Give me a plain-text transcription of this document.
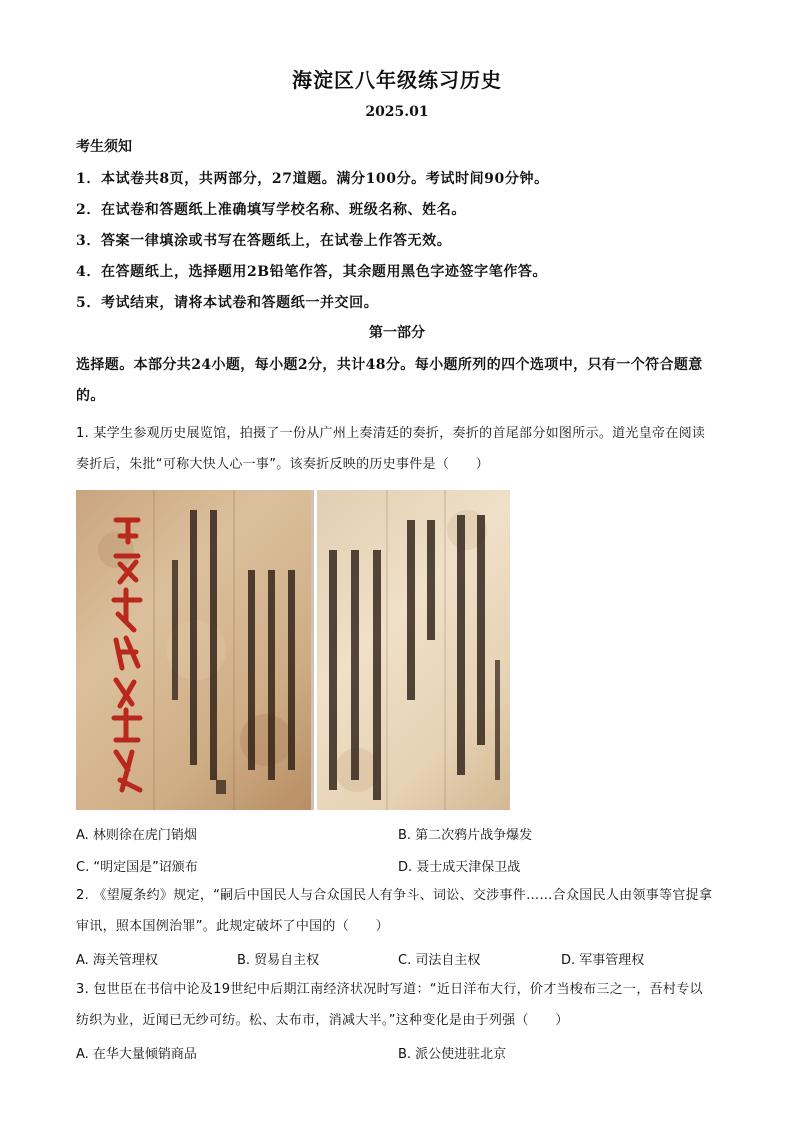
海淀区八年级练习历史
2025.01
考生须知
1．本试卷共8页，共两部分，27道题。满分100分。考试时间90分钟。
2．在试卷和答题纸上准确填写学校名称、班级名称、姓名。
3．答案一律填涂或书写在答题纸上，在试卷上作答无效。
4．在答题纸上，选择题用2B铅笔作答，其余题用黑色字迹签字笔作答。
5．考试结束，请将本试卷和答题纸一并交回。
第一部分
选择题。本部分共24小题，每小题2分，共计48分。每小题所列的四个选项中，只有一个符合题意的。
1. 某学生参观历史展览馆，拍摄了一份从广州上奏清廷的奏折，奏折的首尾部分如图所示。道光皇帝在阅读奏折后，朱批“可称大快人心一事”。该奏折反映的历史事件是（　　）
A. 林则徐在虎门销烟	B. 第二次鸦片战争爆发
C. “明定国是”诏颁布	D. 聂士成天津保卫战
2. 《望厦条约》规定，“嗣后中国民人与合众国民人有争斗、词讼、交涉事件……合众国民人由领事等官捉拿审讯，照本国例治罪”。此规定破坏了中国的（　　）
A. 海关管理权	B. 贸易自主权	C. 司法自主权	D. 军事管理权
3. 包世臣在书信中论及19世纪中后期江南经济状况时写道：“近日洋布大行，价才当梭布三之一，吾村专以纺织为业，近闻已无纱可纺。松、太布市，消减大半。”这种变化是由于列强（　　）
A. 在华大量倾销商品	B. 派公使进驻北京
